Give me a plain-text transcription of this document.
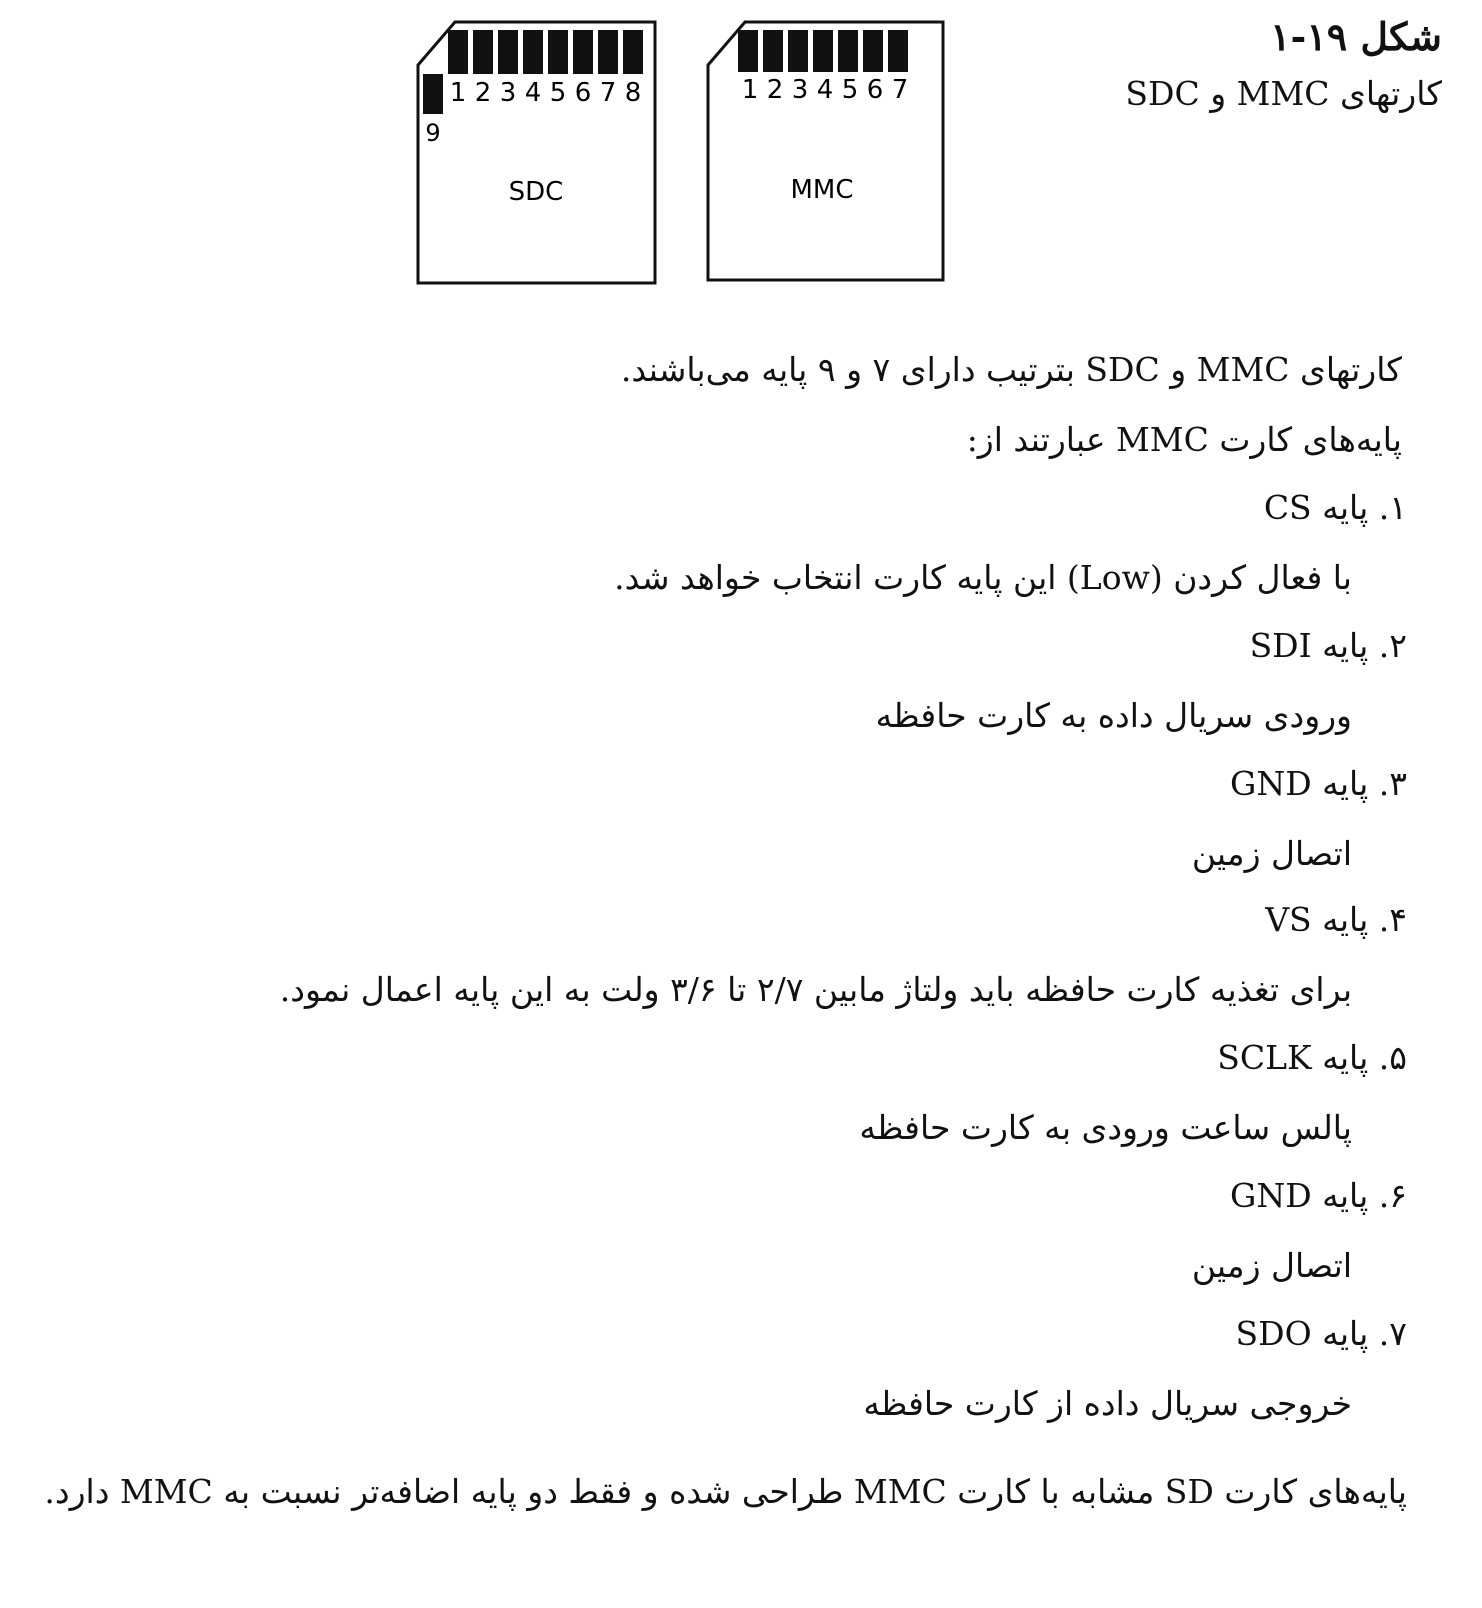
شکل ۱۹-۱
کارتهای MMC و SDC
1 2 3 4 5 6 7 8
9
SDC
1 2 3 4 5 6 7
MMC
کارتهای MMC و SDC بترتیب دارای ۷ و ۹ پایه می‌باشند.
پایه‌های کارت MMC عبارتند از:
۱. پایه CS
با فعال کردن (Low) این پایه کارت انتخاب خواهد شد.
۲. پایه SDI
ورودی سریال داده به کارت حافظه
۳. پایه GND
اتصال زمین
۴. پایه VS
برای تغذیه کارت حافظه باید ولتاژ مابین ۲/۷ تا ۳/۶ ولت به این پایه اعمال نمود.
۵. پایه SCLK
پالس ساعت ورودی به کارت حافظه
۶. پایه GND
اتصال زمین
۷. پایه SDO
خروجی سریال داده از کارت حافظه
پایه‌های کارت SD مشابه با کارت MMC طراحی شده و فقط دو پایه اضافه‌تر نسبت به MMC دارد.
